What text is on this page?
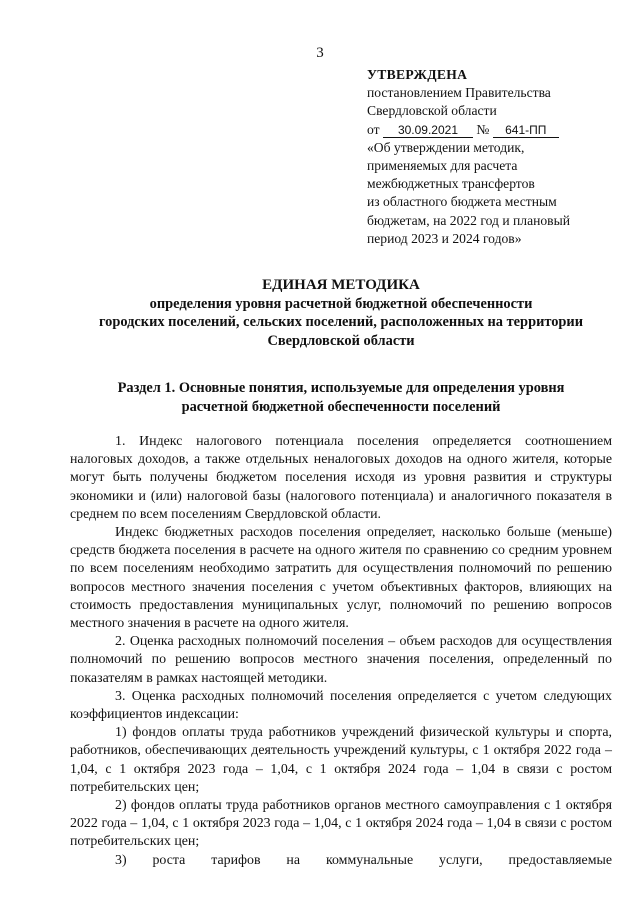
3
УТВЕРЖДЕНА
постановлением Правительства
Свердловской области
от 30.09.2021 № 641-ПП
«Об утверждении методик,
применяемых для расчета
межбюджетных трансфертов
из областного бюджета местным
бюджетам, на 2022 год и плановый
период 2023 и 2024 годов»
ЕДИНАЯ МЕТОДИКА
определения уровня расчетной бюджетной обеспеченности
городских поселений, сельских поселений, расположенных на территории
Свердловской области
Раздел 1. Основные понятия, используемые для определения уровня
расчетной бюджетной обеспеченности поселений

1. Индекс налогового потенциала поселения определяется соотношением налоговых доходов, а также отдельных неналоговых доходов на одного жителя, которые могут быть получены бюджетом поселения исходя из уровня развития и структуры экономики и (или) налоговой базы (налогового потенциала) и аналогичного показателя в среднем по всем поселениям Свердловской области.

Индекс бюджетных расходов поселения определяет, насколько больше (меньше) средств бюджета поселения в расчете на одного жителя по сравнению со средним уровнем по всем поселениям необходимо затратить для осуществления полномочий по решению вопросов местного значения поселения с учетом объективных факторов, влияющих на стоимость предоставления муниципальных услуг, полномочий по решению вопросов местного значения в расчете на одного жителя.

2. Оценка расходных полномочий поселения – объем расходов для осуществления полномочий по решению вопросов местного значения поселения, определенный по показателям в рамках настоящей методики.

3. Оценка расходных полномочий поселения определяется с учетом следующих коэффициентов индексации:

1) фондов оплаты труда работников учреждений физической культуры и спорта, работников, обеспечивающих деятельность учреждений культуры, с 1 октября 2022 года – 1,04, с 1 октября 2023 года – 1,04, с 1 октября 2024 года – 1,04 в связи с ростом потребительских цен;

2) фондов оплаты труда работников органов местного самоуправления с 1 октября 2022 года – 1,04, с 1 октября 2023 года – 1,04, с 1 октября 2024 года – 1,04 в связи с ростом потребительских цен;

3) роста тарифов на коммунальные услуги, предоставляемые
